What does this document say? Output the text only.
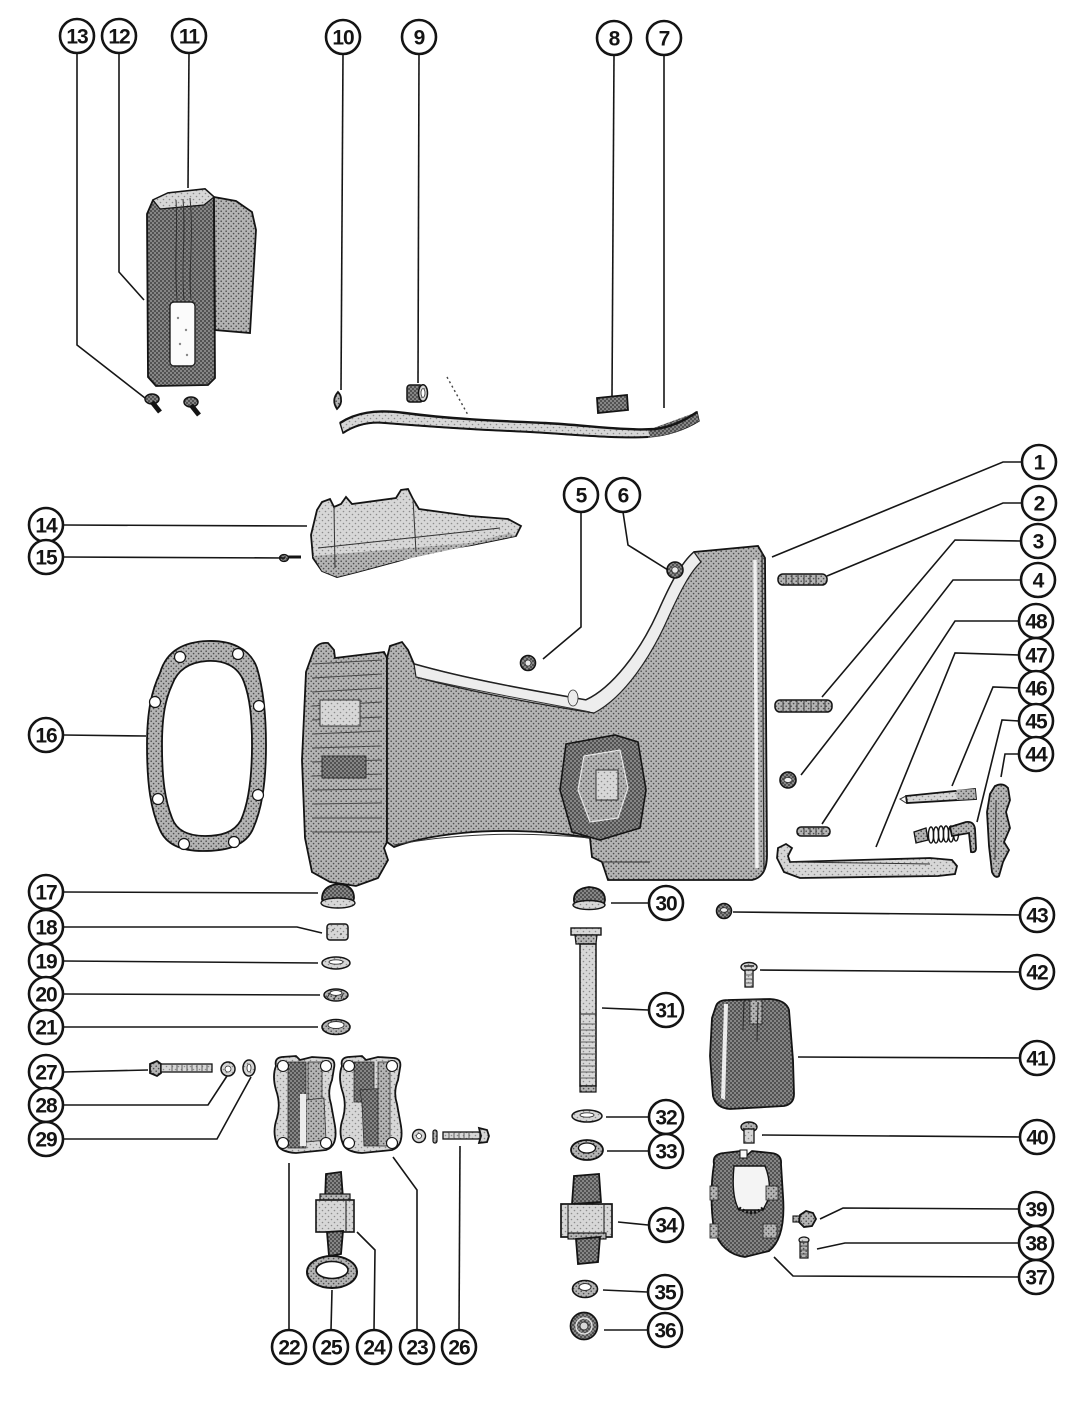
13 12 11	10	9	8 7
14
15
16
5 6
1
2
3
4
48
47
46
45
44
17
18
19
20
21
27
28
29
22 25 24 23 26
30
31
32
33
34
35
36
43
42
41
40
39
38
37
